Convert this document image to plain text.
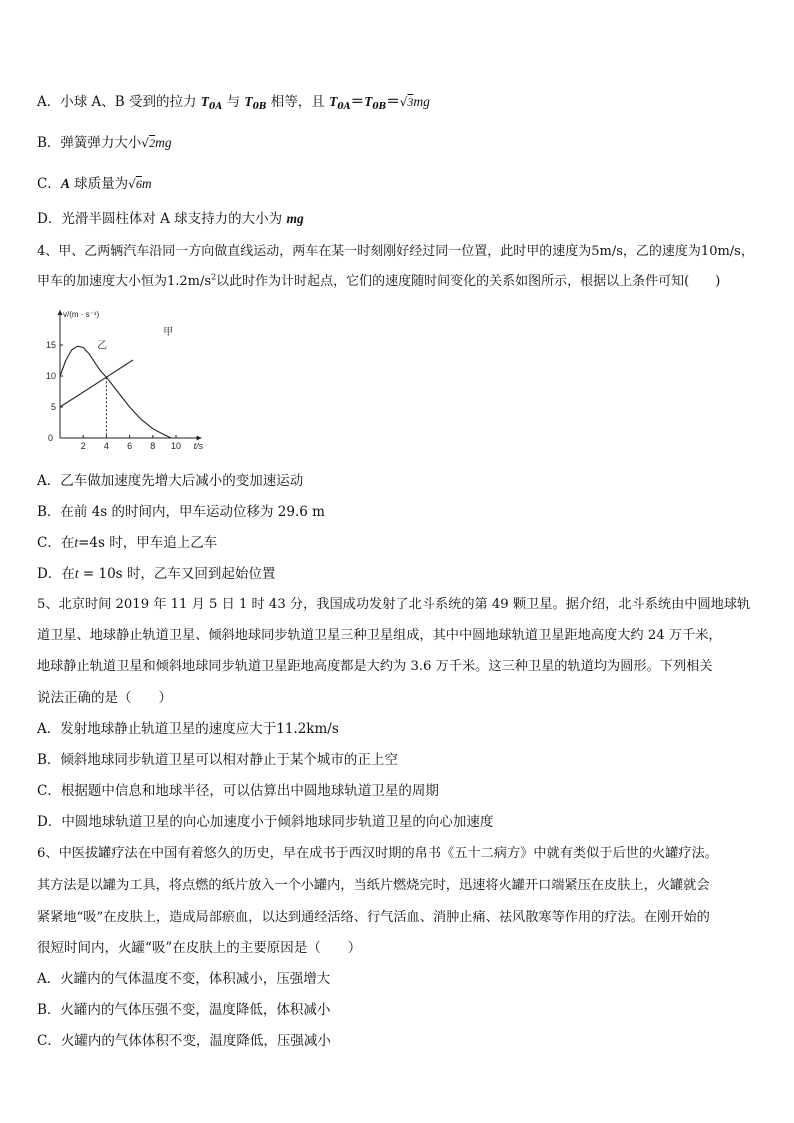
A．小球 A、B 受到的拉力 $T_{0A}$ 与 $T_{0B}$ 相等，且 $T_{0A}=T_{0B}=√3mg$
B．弹簧弹力大小√2mg
C．A 球质量为√6m
D．光滑半圆柱体对 A 球支持力的大小为 mg
4、甲、乙两辆汽车沿同一方向做直线运动，两车在某一时刻刚好经过同一位置，此时甲的速度为5m/s，乙的速度为10m/s，
甲车的加速度大小恒为$1.2m/s^2$以此时作为计时起点，它们的速度随时间变化的关系如图所示，根据以上条件可知(　　)
v/(m · s⁻¹)
t/s
0
2 4 6 8 10
5
10
15
甲
乙
A．乙车做加速度先增大后减小的变加速运动
B．在前 4s 的时间内，甲车运动位移为 29.6 m
C．在t=4s 时，甲车追上乙车
D．在t = 10s 时，乙车又回到起始位置
5、北京时间 2019 年 11 月 5 日 1 时 43 分，我国成功发射了北斗系统的第 49 颗卫星。据介绍，北斗系统由中圆地球轨
道卫星、地球静止轨道卫星、倾斜地球同步轨道卫星三种卫星组成，其中中圆地球轨道卫星距地高度大约 24 万千米，
地球静止轨道卫星和倾斜地球同步轨道卫星距地高度都是大约为 3.6 万千米。这三种卫星的轨道均为圆形。下列相关
说法正确的是（　　）
A．发射地球静止轨道卫星的速度应大于11.2km/s
B．倾斜地球同步轨道卫星可以相对静止于某个城市的正上空
C．根据题中信息和地球半径，可以估算出中圆地球轨道卫星的周期
D．中圆地球轨道卫星的向心加速度小于倾斜地球同步轨道卫星的向心加速度
6、中医拔罐疗法在中国有着悠久的历史，早在成书于西汉时期的帛书《五十二病方》中就有类似于后世的火罐疗法。
其方法是以罐为工具，将点燃的纸片放入一个小罐内，当纸片燃烧完时，迅速将火罐开口端紧压在皮肤上，火罐就会
紧紧地“吸”在皮肤上，造成局部瘀血，以达到通经活络、行气活血、消肿止痛、祛风散寒等作用的疗法。在刚开始的
很短时间内，火罐“吸”在皮肤上的主要原因是（　　）
A．火罐内的气体温度不变，体积减小，压强增大
B．火罐内的气体压强不变，温度降低，体积减小
C．火罐内的气体体积不变，温度降低，压强减小
